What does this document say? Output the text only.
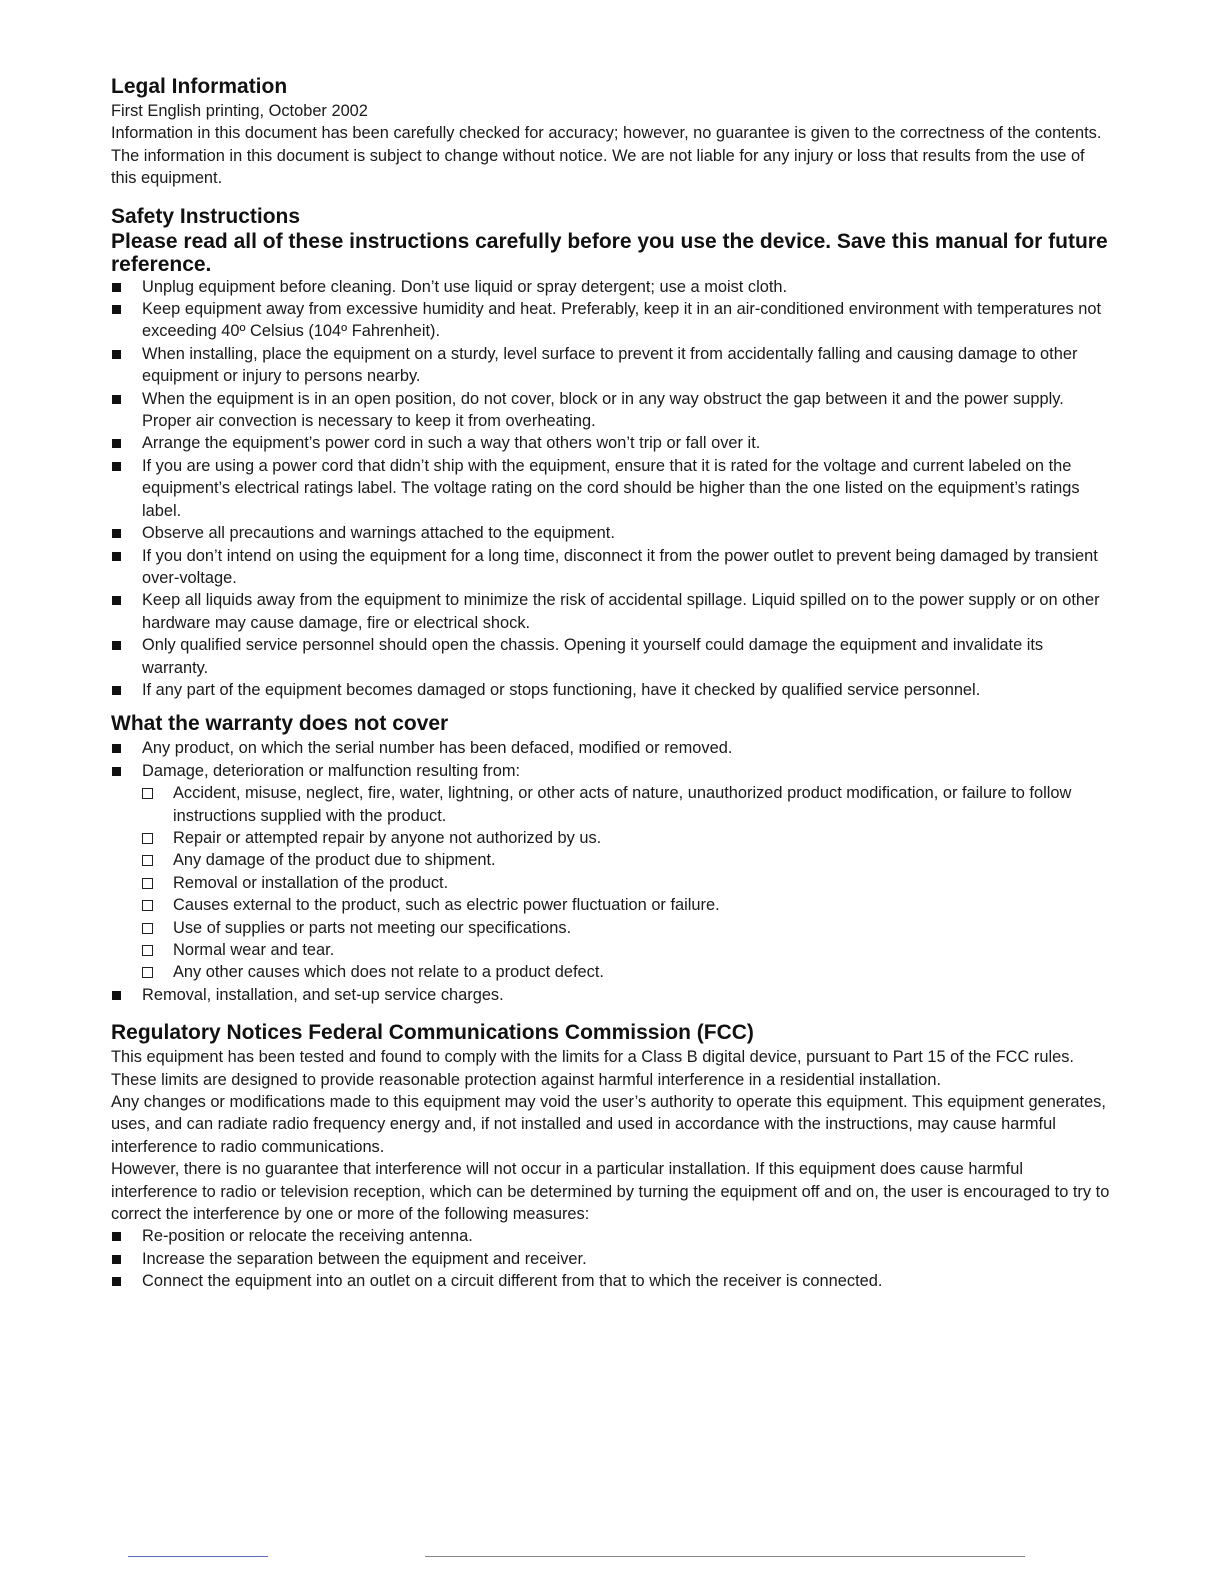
Legal Information

First English printing, October 2002

Information in this document has been carefully checked for accuracy; however, no guarantee is given to the correctness of the contents. The information in this document is subject to change without notice. We are not liable for any injury or loss that results from the use of this equipment.

Safety Instructions

Please read all of these instructions carefully before you use the device. Save this manual for future reference.

Unplug equipment before cleaning. Don’t use liquid or spray detergent; use a moist cloth.
Keep equipment away from excessive humidity and heat. Preferably, keep it in an air-conditioned environment with temperatures not exceeding 40º Celsius (104º Fahrenheit).
When installing, place the equipment on a sturdy, level surface to prevent it from accidentally falling and causing damage to other equipment or injury to persons nearby.
When the equipment is in an open position, do not cover, block or in any way obstruct the gap between it and the power supply. Proper air convection is necessary to keep it from overheating.
Arrange the equipment’s power cord in such a way that others won’t trip or fall over it.
If you are using a power cord that didn’t ship with the equipment, ensure that it is rated for the voltage and current labeled on the equipment’s electrical ratings label. The voltage rating on the cord should be higher than the one listed on the equipment’s ratings label.
Observe all precautions and warnings attached to the equipment.
If you don’t intend on using the equipment for a long time, disconnect it from the power outlet to prevent being damaged by transient over-voltage.
Keep all liquids away from the equipment to minimize the risk of accidental spillage. Liquid spilled on to the power supply or on other hardware may cause damage, fire or electrical shock.
Only qualified service personnel should open the chassis. Opening it yourself could damage the equipment and invalidate its warranty.
If any part of the equipment becomes damaged or stops functioning, have it checked by qualified service personnel.
What the warranty does not cover
Any product, on which the serial number has been defaced, modified or removed.
Damage, deterioration or malfunction resulting from:
Accident, misuse, neglect, fire, water, lightning, or other acts of nature, unauthorized product modification, or failure to follow instructions supplied with the product.
Repair or attempted repair by anyone not authorized by us.
Any damage of the product due to shipment.
Removal or installation of the product.
Causes external to the product, such as electric power fluctuation or failure.
Use of supplies or parts not meeting our specifications.
Normal wear and tear.
Any other causes which does not relate to a product defect.
Removal, installation, and set-up service charges.
Regulatory Notices Federal Communications Commission (FCC)

This equipment has been tested and found to comply with the limits for a Class B digital device, pursuant to Part 15 of the FCC rules. These limits are designed to provide reasonable protection against harmful interference in a residential installation.

Any changes or modifications made to this equipment may void the user’s authority to operate this equipment. This equipment generates, uses, and can radiate radio frequency energy and, if not installed and used in accordance with the instructions, may cause harmful interference to radio communications.

However, there is no guarantee that interference will not occur in a particular installation. If this equipment does cause harmful interference to radio or television reception, which can be determined by turning the equipment off and on, the user is encouraged to try to correct the interference by one or more of the following measures:

Re-position or relocate the receiving antenna.
Increase the separation between the equipment and receiver.
Connect the equipment into an outlet on a circuit different from that to which the receiver is connected.
